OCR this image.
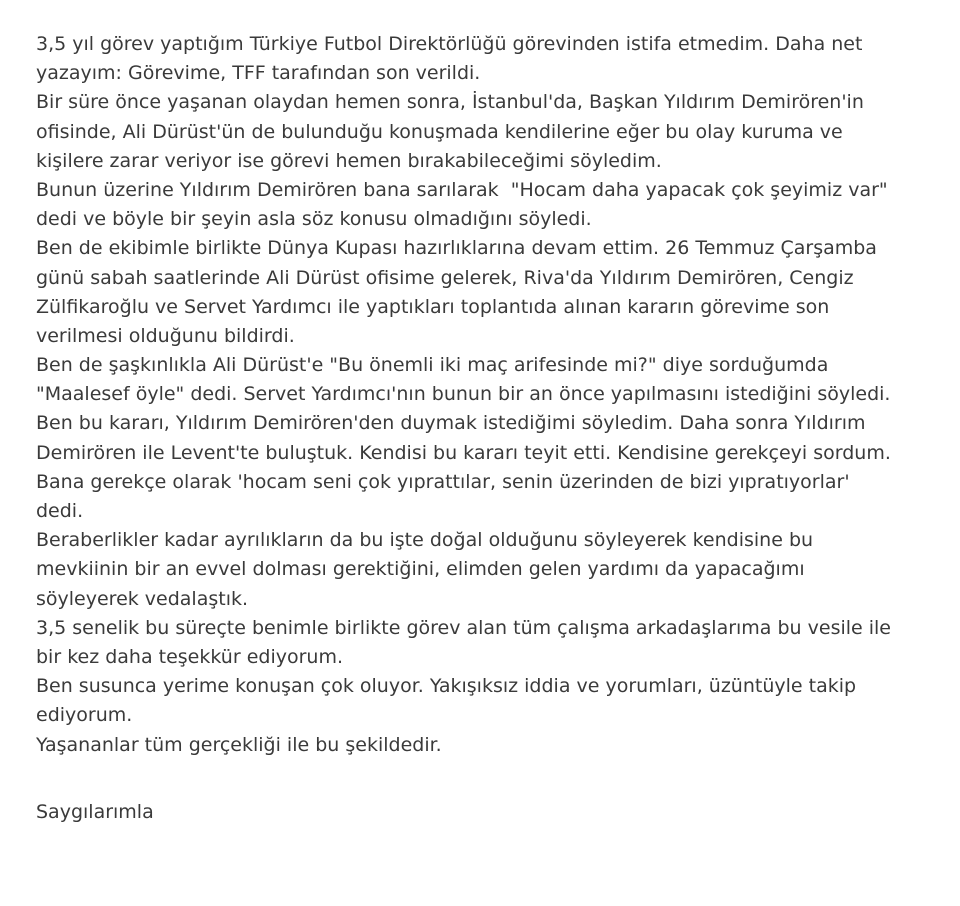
3,5 yıl görev yaptığım Türkiye Futbol Direktörlüğü görevinden istifa etmedim. Daha net
yazayım: Görevime, TFF tarafından son verildi.
Bir süre önce yaşanan olaydan hemen sonra, İstanbul'da, Başkan Yıldırım Demirören'in
ofisinde, Ali Dürüst'ün de bulunduğu konuşmada kendilerine eğer bu olay kuruma ve
kişilere zarar veriyor ise görevi hemen bırakabileceğimi söyledim.
Bunun üzerine Yıldırım Demirören bana sarılarak  "Hocam daha yapacak çok şeyimiz var"
dedi ve böyle bir şeyin asla söz konusu olmadığını söyledi.
Ben de ekibimle birlikte Dünya Kupası hazırlıklarına devam ettim. 26 Temmuz Çarşamba
günü sabah saatlerinde Ali Dürüst ofisime gelerek, Riva'da Yıldırım Demirören, Cengiz
Zülfikaroğlu ve Servet Yardımcı ile yaptıkları toplantıda alınan kararın görevime son
verilmesi olduğunu bildirdi.
Ben de şaşkınlıkla Ali Dürüst'e "Bu önemli iki maç arifesinde mi?" diye sorduğumda
"Maalesef öyle" dedi. Servet Yardımcı'nın bunun bir an önce yapılmasını istediğini söyledi.
Ben bu kararı, Yıldırım Demirören'den duymak istediğimi söyledim. Daha sonra Yıldırım
Demirören ile Levent'te buluştuk. Kendisi bu kararı teyit etti. Kendisine gerekçeyi sordum.
Bana gerekçe olarak 'hocam seni çok yıprattılar, senin üzerinden de bizi yıpratıyorlar'
dedi.
Beraberlikler kadar ayrılıkların da bu işte doğal olduğunu söyleyerek kendisine bu
mevkiinin bir an evvel dolması gerektiğini, elimden gelen yardımı da yapacağımı
söyleyerek vedalaştık.
3,5 senelik bu süreçte benimle birlikte görev alan tüm çalışma arkadaşlarıma bu vesile ile
bir kez daha teşekkür ediyorum.
Ben susunca yerime konuşan çok oluyor. Yakışıksız iddia ve yorumları, üzüntüyle takip
ediyorum.
Yaşananlar tüm gerçekliği ile bu şekildedir.
Saygılarımla
